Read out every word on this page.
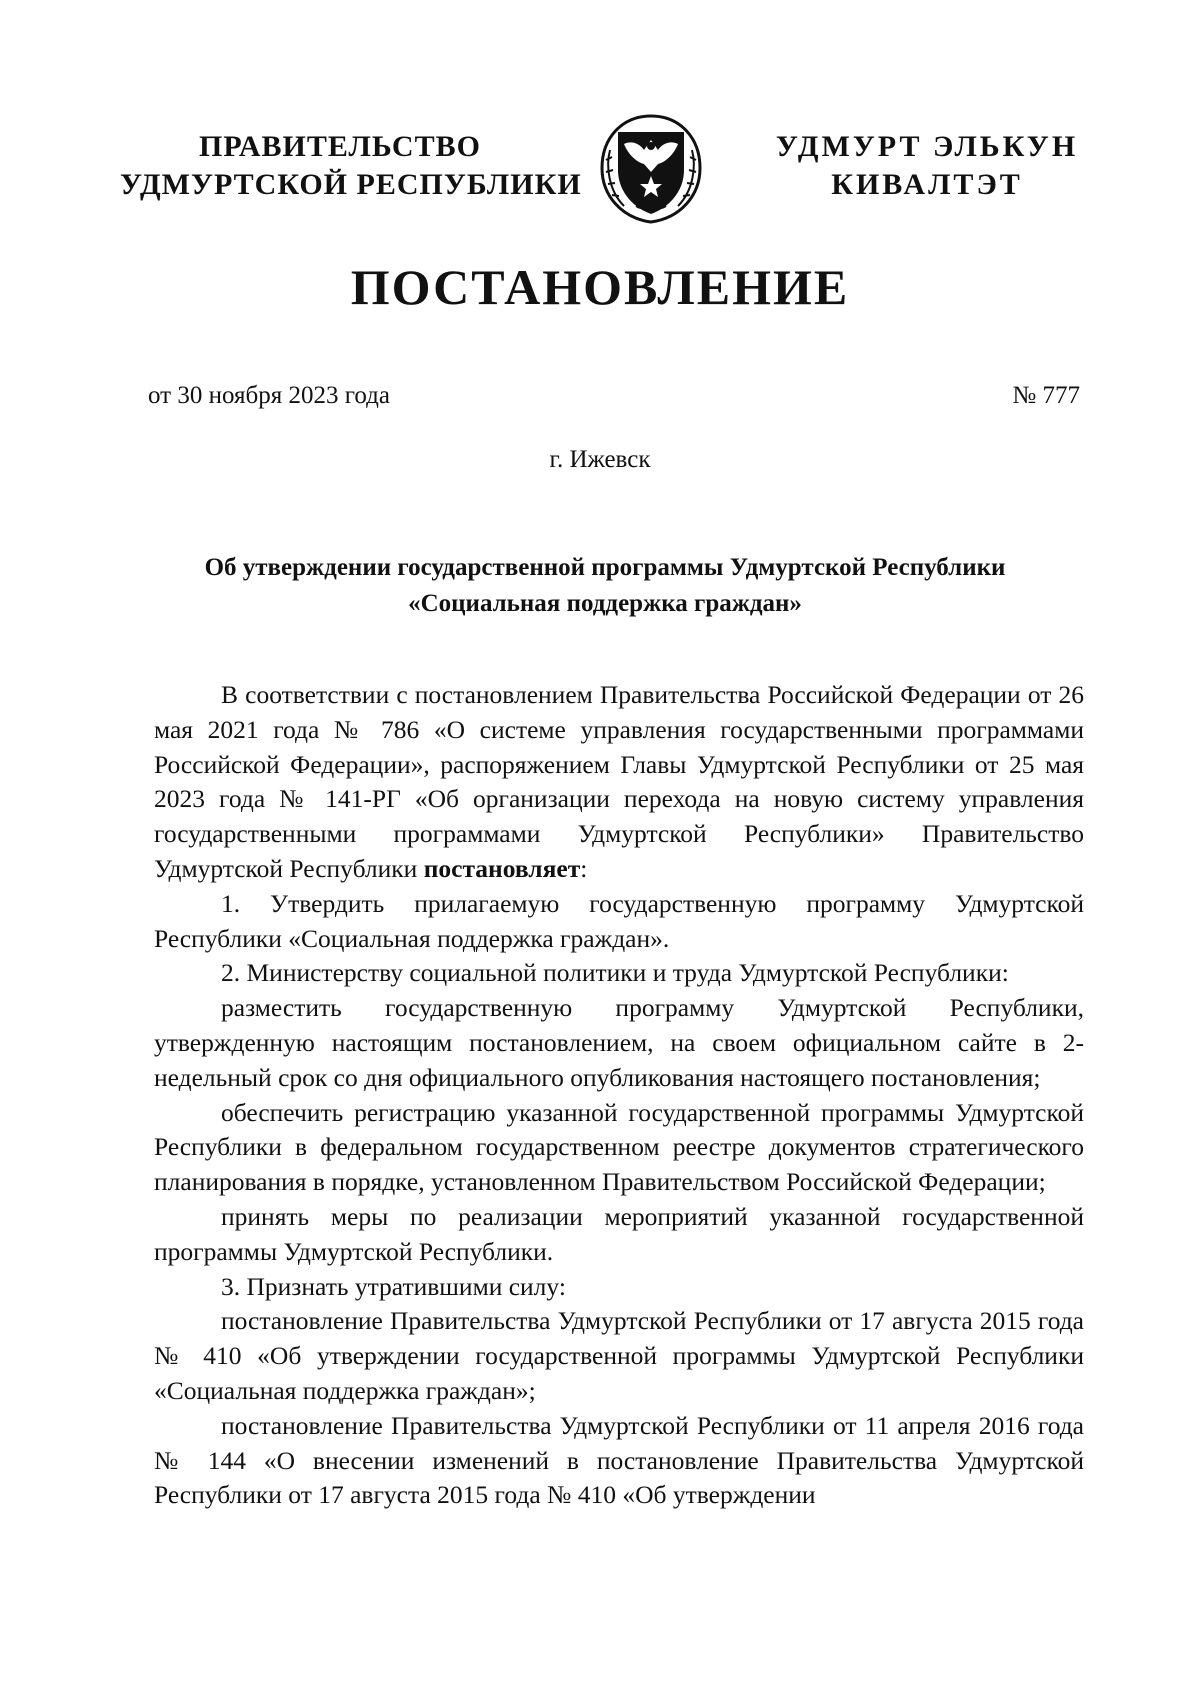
ПРАВИТЕЛЬСТВО
УДМУРТСКОЙ РЕСПУБЛИКИ
УДМУРТ ЭЛЬКУН
КИВАЛТЭТ
ПОСТАНОВЛЕНИЕ
от 30 ноября 2023 года	№ 777
г. Ижевск
Об утверждении государственной программы Удмуртской Республики
«Социальная поддержка граждан»

В соответствии с постановлением Правительства Российской Федерации от 26 мая 2021 года № 786 «О системе управления государственными программами Российской Федерации», распоряжением Главы Удмуртской Республики от 25 мая 2023 года № 141-РГ «Об организации перехода на новую систему управления государственными программами Удмуртской Республики» Правительство Удмуртской Республики постановляет:

1. Утвердить прилагаемую государственную программу Удмуртской Республики «Социальная поддержка граждан».

2. Министерству социальной политики и труда Удмуртской Республики:

разместить государственную программу Удмуртской Республики, утвержденную настоящим постановлением, на своем официальном сайте в 2-недельный срок со дня официального опубликования настоящего постановления;

обеспечить регистрацию указанной государственной программы Удмуртской Республики в федеральном государственном реестре документов стратегического планирования в порядке, установленном Правительством Российской Федерации;

принять меры по реализации мероприятий указанной государственной программы Удмуртской Республики.

3. Признать утратившими силу:

постановление Правительства Удмуртской Республики от 17 августа 2015 года № 410 «Об утверждении государственной программы Удмуртской Республики «Социальная поддержка граждан»;

постановление Правительства Удмуртской Республики от 11 апреля 2016 года № 144 «О внесении изменений в постановление Правительства Удмуртской Республики от 17 августа 2015 года № 410 «Об утверждении
